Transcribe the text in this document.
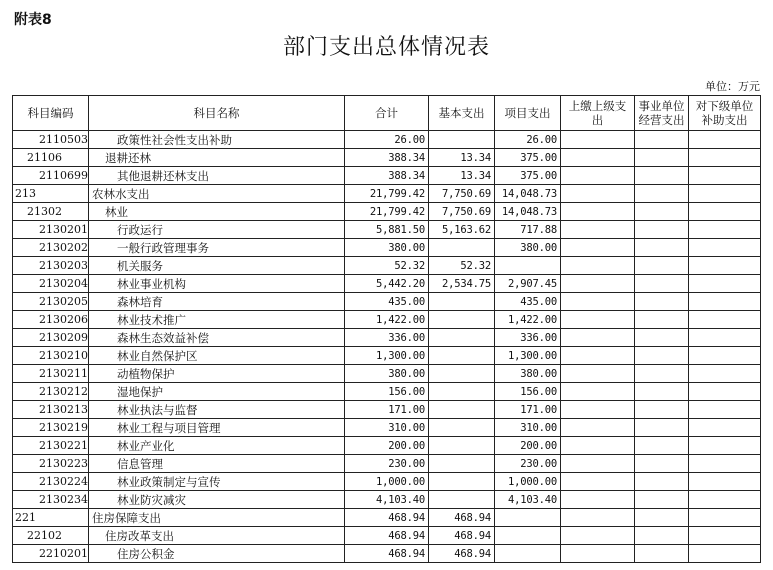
附表8
部门支出总体情况表
单位：万元
科目编码	科目名称	合计	基本支出	项目支出	上缴上级支出	事业单位经营支出	对下级单位补助支出
2110503	政策性社会性支出补助	26.00		26.00			
21106	退耕还林	388.34	13.34	375.00			
2110699	其他退耕还林支出	388.34	13.34	375.00			
213	农林水支出	21,799.42	7,750.69	14,048.73			
21302	林业	21,799.42	7,750.69	14,048.73			
2130201	行政运行	5,881.50	5,163.62	717.88			
2130202	一般行政管理事务	380.00		380.00			
2130203	机关服务	52.32	52.32				
2130204	林业事业机构	5,442.20	2,534.75	2,907.45			
2130205	森林培育	435.00		435.00			
2130206	林业技术推广	1,422.00		1,422.00			
2130209	森林生态效益补偿	336.00		336.00			
2130210	林业自然保护区	1,300.00		1,300.00			
2130211	动植物保护	380.00		380.00			
2130212	湿地保护	156.00		156.00			
2130213	林业执法与监督	171.00		171.00			
2130219	林业工程与项目管理	310.00		310.00			
2130221	林业产业化	200.00		200.00			
2130223	信息管理	230.00		230.00			
2130224	林业政策制定与宣传	1,000.00		1,000.00			
2130234	林业防灾减灾	4,103.40		4,103.40			
221	住房保障支出	468.94	468.94				
22102	住房改革支出	468.94	468.94				
2210201	住房公积金	468.94	468.94				
